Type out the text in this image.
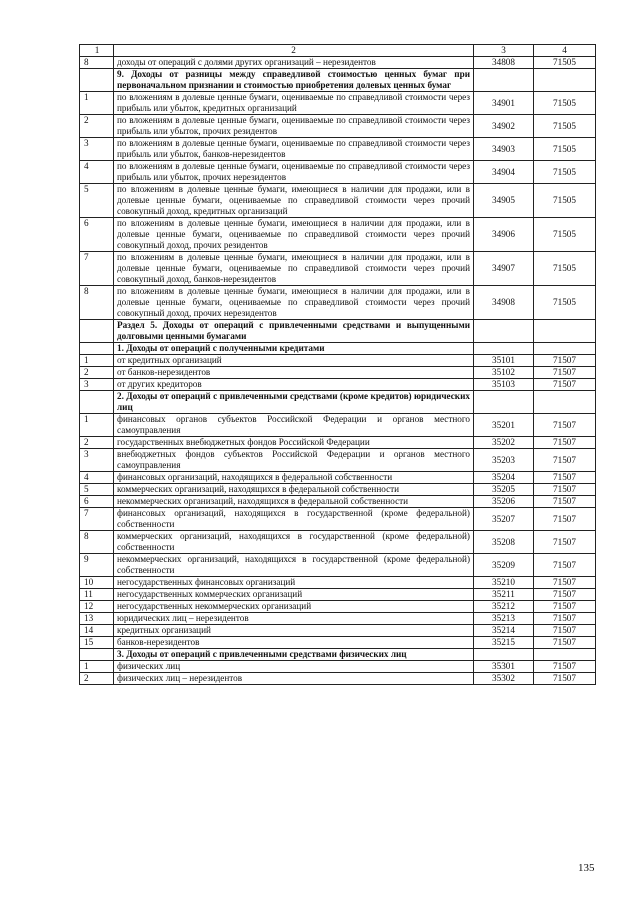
1	2	3	4
8	доходы от операций с долями других организаций – нерезидентов	34808	71505
	9. Доходы от разницы между справедливой стоимостью ценных бумаг при первоначальном признании и стоимостью приобретения долевых ценных бумаг		
1	по вложениям в долевые ценные бумаги, оцениваемые по справедливой стоимости через прибыль или убыток, кредитных организаций	34901	71505
2	по вложениям в долевые ценные бумаги, оцениваемые по справедливой стоимости через прибыль или убыток, прочих резидентов	34902	71505
3	по вложениям в долевые ценные бумаги, оцениваемые по справедливой стоимости через прибыль или убыток, банков-нерезидентов	34903	71505
4	по вложениям в долевые ценные бумаги, оцениваемые по справедливой стоимости через прибыль или убыток, прочих нерезидентов	34904	71505
5	по вложениям в долевые ценные бумаги, имеющиеся в наличии для продажи, или в долевые ценные бумаги, оцениваемые по справедливой стоимости через прочий совокупный доход, кредитных организаций	34905	71505
6	по вложениям в долевые ценные бумаги, имеющиеся в наличии для продажи, или в долевые ценные бумаги, оцениваемые по справедливой стоимости через прочий совокупный доход, прочих резидентов	34906	71505
7	по вложениям в долевые ценные бумаги, имеющиеся в наличии для продажи, или в долевые ценные бумаги, оцениваемые по справедливой стоимости через прочий совокупный доход, банков-нерезидентов	34907	71505
8	по вложениям в долевые ценные бумаги, имеющиеся в наличии для продажи, или в долевые ценные бумаги, оцениваемые по справедливой стоимости через прочий совокупный доход, прочих нерезидентов	34908	71505
	Раздел 5. Доходы от операций с привлеченными средствами и выпущенными долговыми ценными бумагами		
	1. Доходы от операций с полученными кредитами		
1	от кредитных организаций	35101	71507
2	от банков-нерезидентов	35102	71507
3	от других кредиторов	35103	71507
	2. Доходы от операций с привлеченными средствами (кроме кредитов) юридических лиц		
1	финансовых органов субъектов Российской Федерации и органов местного самоуправления	35201	71507
2	государственных внебюджетных фондов Российской Федерации	35202	71507
3	внебюджетных фондов субъектов Российской Федерации и органов местного самоуправления	35203	71507
4	финансовых организаций, находящихся в федеральной собственности	35204	71507
5	коммерческих организаций, находящихся в федеральной собственности	35205	71507
6	некоммерческих организаций, находящихся в федеральной собственности	35206	71507
7	финансовых организаций, находящихся в государственной (кроме федеральной) собственности	35207	71507
8	коммерческих организаций, находящихся в государственной (кроме федеральной) собственности	35208	71507
9	некоммерческих организаций, находящихся в государственной (кроме федеральной) собственности	35209	71507
10	негосударственных финансовых организаций	35210	71507
11	негосударственных коммерческих организаций	35211	71507
12	негосударственных некоммерческих организаций	35212	71507
13	юридических лиц – нерезидентов	35213	71507
14	кредитных организаций	35214	71507
15	банков-нерезидентов	35215	71507
	3. Доходы от операций с привлеченными средствами физических лиц		
1	физических лиц	35301	71507
2	физических лиц – нерезидентов	35302	71507
135
